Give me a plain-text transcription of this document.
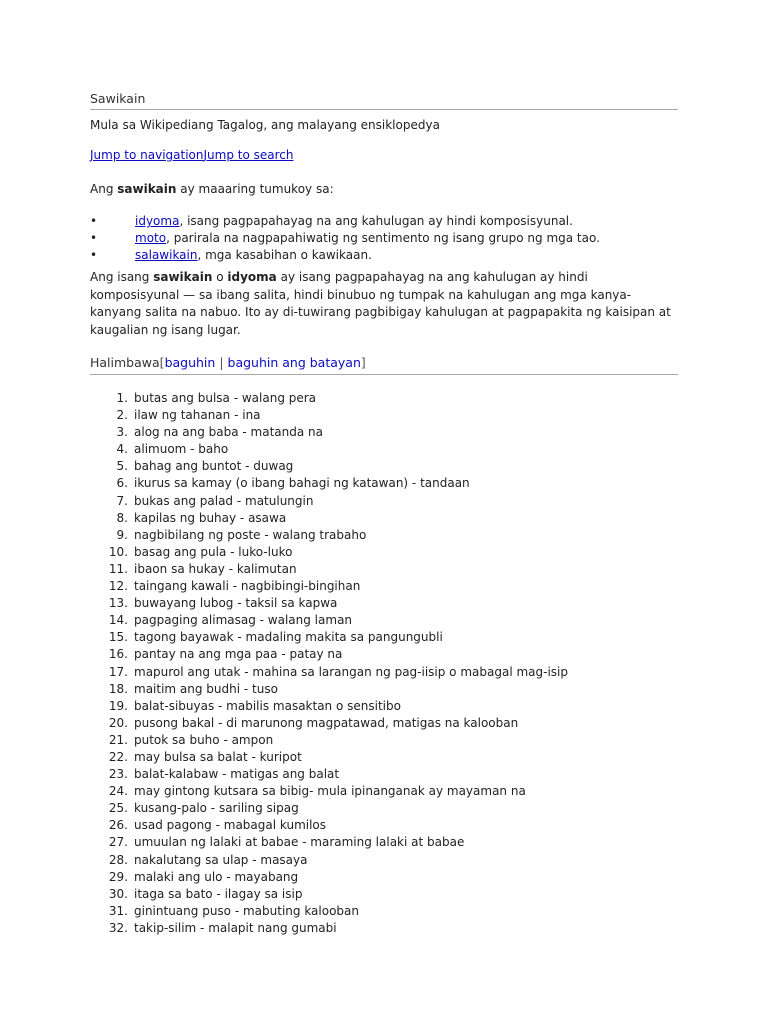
Sawikain
Mula sa Wikipediang Tagalog, ang malayang ensiklopedya
Jump to navigationJump to search
Ang sawikain ay maaaring tumukoy sa:
•	idyoma, isang pagpapahayag na ang kahulugan ay hindi komposisyunal.
•	moto, parirala na nagpapahiwatig ng sentimento ng isang grupo ng mga tao.
•	salawikain, mga kasabihan o kawikaan.
Ang isang sawikain o idyoma ay isang pagpapahayag na ang kahulugan ay hindi komposisyunal — sa ibang salita, hindi binubuo ng tumpak na kahulugan ang mga kanya-kanyang salita na nabuo. Ito ay di-tuwirang pagbibigay kahulugan at pagpapakita ng kaisipan at kaugalian ng isang lugar.
Halimbawa[baguhin | baguhin ang batayan]
1. butas ang bulsa - walang pera
2. ilaw ng tahanan - ina
3. alog na ang baba - matanda na
4. alimuom - baho
5. bahag ang buntot - duwag
6. ikurus sa kamay (o ibang bahagi ng katawan) - tandaan
7. bukas ang palad - matulungin
8. kapilas ng buhay - asawa
9. nagbibilang ng poste - walang trabaho
10. basag ang pula - luko-luko
11. ibaon sa hukay - kalimutan
12. taingang kawali - nagbibingi-bingihan
13. buwayang lubog - taksil sa kapwa
14. pagpaging alimasag - walang laman
15. tagong bayawak - madaling makita sa pangungubli
16. pantay na ang mga paa - patay na
17. mapurol ang utak - mahina sa larangan ng pag-iisip o mabagal mag-isip
18. maitim ang budhi - tuso
19. balat-sibuyas - mabilis masaktan o sensitibo
20. pusong bakal - di marunong magpatawad, matigas na kalooban
21. putok sa buho - ampon
22. may bulsa sa balat - kuripot
23. balat-kalabaw - matigas ang balat
24. may gintong kutsara sa bibig- mula ipinanganak ay mayaman na
25. kusang-palo - sariling sipag
26. usad pagong - mabagal kumilos
27. umuulan ng lalaki at babae - maraming lalaki at babae
28. nakalutang sa ulap - masaya
29. malaki ang ulo - mayabang
30. itaga sa bato - ilagay sa isip
31. ginintuang puso - mabuting kalooban
32. takip-silim - malapit nang gumabi
